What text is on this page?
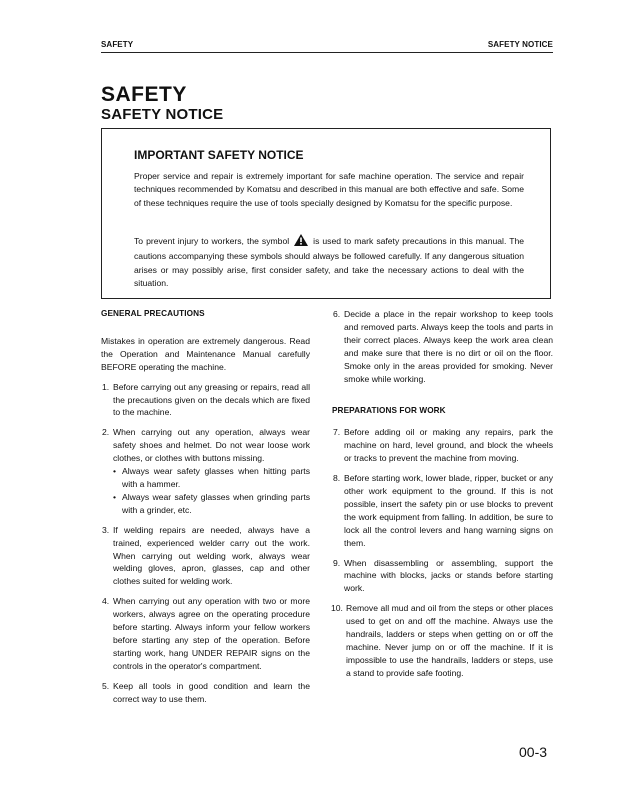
SAFETY	SAFETY NOTICE
SAFETY
SAFETY NOTICE
IMPORTANT SAFETY NOTICE

Proper service and repair is extremely important for safe machine operation. The service and repair techniques recommended by Komatsu and described in this manual are both effective and safe. Some of these techniques require the use of tools specially designed by Komatsu for the specific purpose.

To prevent injury to workers, the symbol	is used to mark safety precautions in this manual. The cautions accompanying these symbols should always be followed carefully. If any dangerous situation arises or may possibly arise, first consider safety, and take the necessary actions to deal with the situation.

GENERAL PRECAUTIONS

Mistakes in operation are extremely dangerous. Read the Operation and Maintenance Manual carefully BEFORE operating the machine.

1. Before carrying out any greasing or repairs, read all the precautions given on the decals which are fixed to the machine.
2. When carrying out any operation, always wear safety shoes and helmet. Do not wear loose work clothes, or clothes with buttons missing.
• Always wear safety glasses when hitting parts with a hammer.
• Always wear safety glasses when grinding parts with a grinder, etc.
3. If welding repairs are needed, always have a trained, experienced welder carry out the work. When carrying out welding work, always wear welding gloves, apron, glasses, cap and other clothes suited for welding work.
4. When carrying out any operation with two or more workers, always agree on the operating procedure before starting. Always inform your fellow workers before starting any step of the operation. Before starting work, hang UNDER REPAIR signs on the controls in the operator's compartment.
5. Keep all tools in good condition and learn the correct way to use them.
6. Decide a place in the repair workshop to keep tools and removed parts. Always keep the tools and parts in their correct places. Always keep the work area clean and make sure that there is no dirt or oil on the floor. Smoke only in the areas provided for smoking. Never smoke while working.
PREPARATIONS FOR WORK
7. Before adding oil or making any repairs, park the machine on hard, level ground, and block the wheels or tracks to prevent the machine from moving.
8. Before starting work, lower blade, ripper, bucket or any other work equipment to the ground. If this is not possible, insert the safety pin or use blocks to prevent the work equipment from falling. In addition, be sure to lock all the control levers and hang warning signs on them.
9. When disassembling or assembling, support the machine with blocks, jacks or stands before starting work.
10. Remove all mud and oil from the steps or other places used to get on and off the machine. Always use the handrails, ladders or steps when getting on or off the machine. Never jump on or off the machine. If it is impossible to use the handrails, ladders or steps, use a stand to provide safe footing.

00-3
